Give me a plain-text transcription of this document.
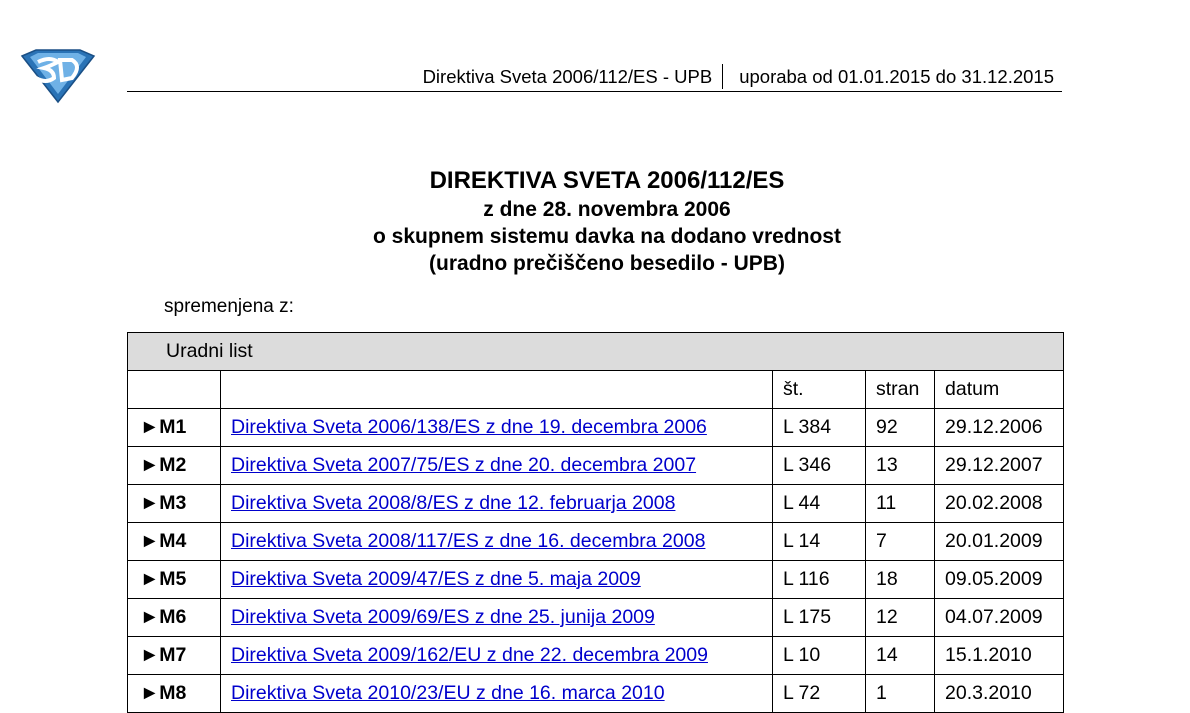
Direktiva Sveta 2006/112/ES - UPB	uporaba od 01.01.2015 do 31.12.2015
DIREKTIVA SVETA 2006/112/ES
z dne 28. novembra 2006
o skupnem sistemu davka na dodano vrednost
(uradno prečiščeno besedilo - UPB)
spremenjena z:
Uradni list				
		št.	stran	datum
►M1	Direktiva Sveta 2006/138/ES z dne 19. decembra 2006	L 384	92	29.12.2006
►M2	Direktiva Sveta 2007/75/ES z dne 20. decembra 2007	L 346	13	29.12.2007
►M3	Direktiva Sveta 2008/8/ES z dne 12. februarja 2008	L 44	11	20.02.2008
►M4	Direktiva Sveta 2008/117/ES z dne 16. decembra 2008	L 14	7	20.01.2009
►M5	Direktiva Sveta 2009/47/ES z dne 5. maja 2009	L 116	18	09.05.2009
►M6	Direktiva Sveta 2009/69/ES z dne 25. junija 2009	L 175	12	04.07.2009
►M7	Direktiva Sveta 2009/162/EU z dne 22. decembra 2009	L 10	14	15.1.2010
►M8	Direktiva Sveta 2010/23/EU z dne 16. marca 2010	L 72	1	20.3.2010
